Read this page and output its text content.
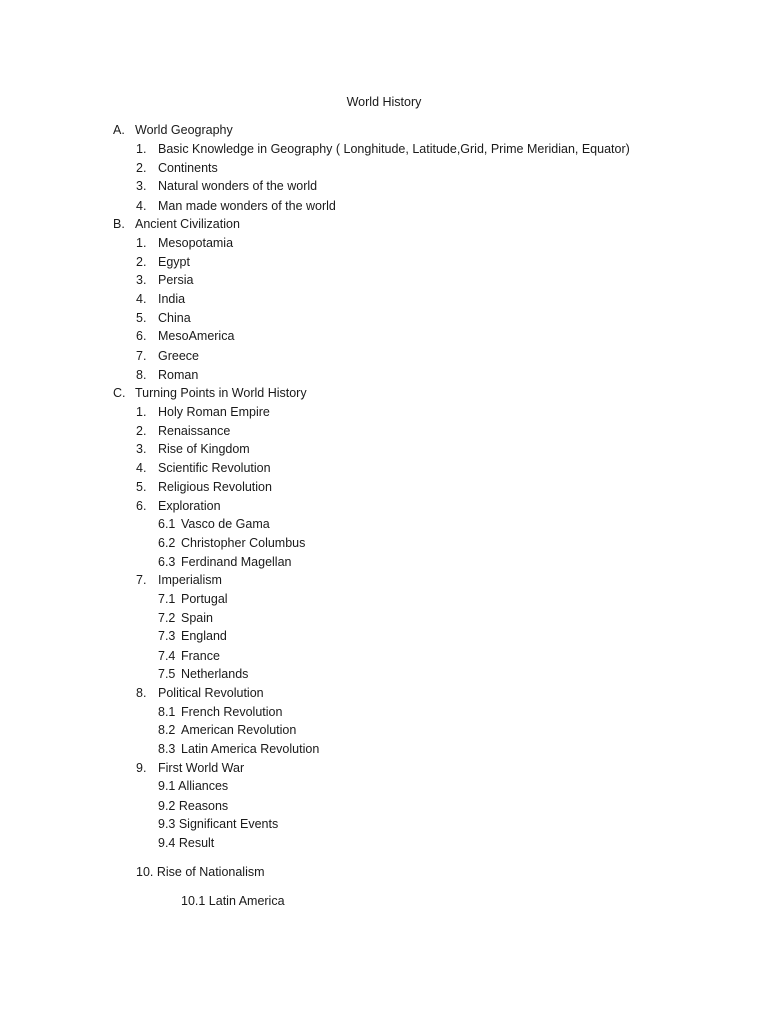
World History
A. World Geography
1. Basic Knowledge in Geography ( Longhitude, Latitude,Grid, Prime Meridian, Equator)
2. Continents
3. Natural wonders of the world
4. Man made wonders of the world
B. Ancient Civilization
1. Mesopotamia
2. Egypt
3. Persia
4. India
5. China
6. MesoAmerica
7. Greece
8. Roman
C. Turning Points in World History
1. Holy Roman Empire
2. Renaissance
3. Rise of Kingdom
4. Scientific Revolution
5. Religious Revolution
6. Exploration
6.1 Vasco de Gama
6.2 Christopher Columbus
6.3 Ferdinand Magellan
7. Imperialism
7.1 Portugal
7.2 Spain
7.3 England
7.4 France
7.5 Netherlands
8. Political Revolution
8.1 French Revolution
8.2 American Revolution
8.3 Latin America Revolution
9. First World War
9.1 Alliances
9.2 Reasons
9.3 Significant Events
9.4 Result
10. Rise of Nationalism
10.1 Latin America
